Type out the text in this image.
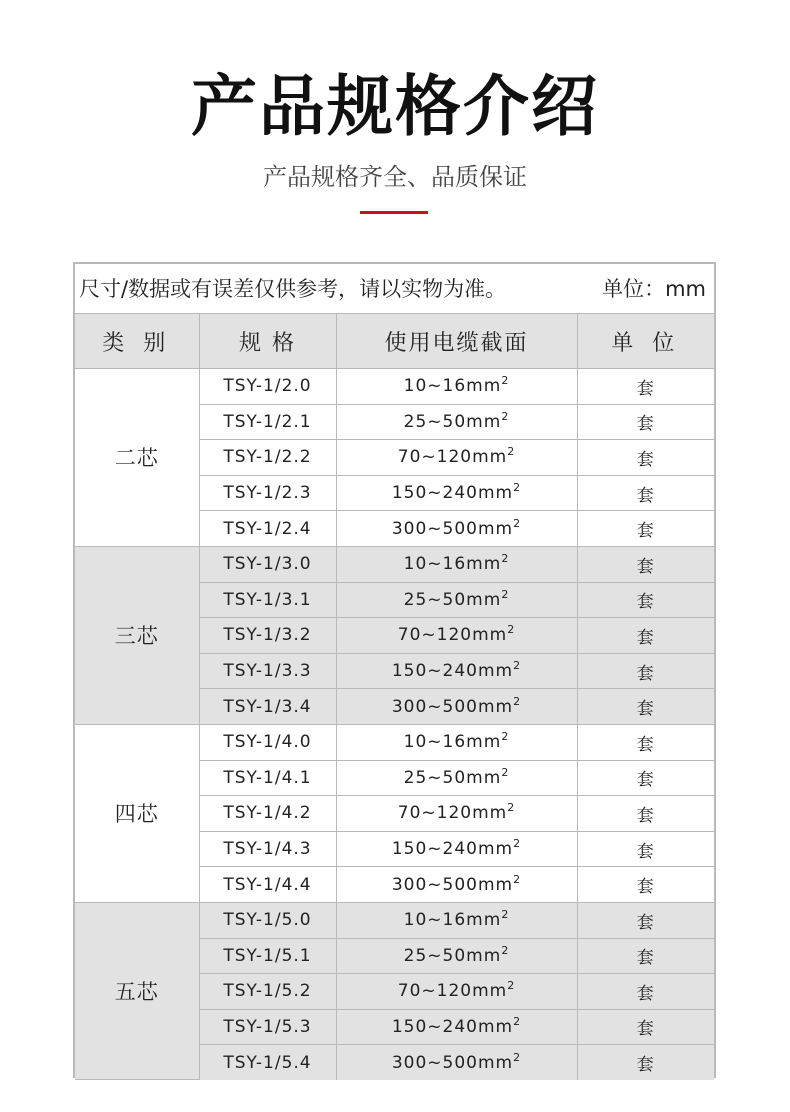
产品规格介绍
产品规格齐全、品质保证
尺寸/数据或有误差仅供参考，请以实物为准。	单位：mm
类 别	规 格	使用电缆截面	单 位
二芯	TSY-1/2.0	$10\sim 16mm^2$	套
	TSY-1/2.1	$25\sim 50mm^2$	套
	TSY-1/2.2	$70\sim 120mm^2$	套
	TSY-1/2.3	$150\sim 240mm^2$	套
	TSY-1/2.4	$300\sim 500mm^2$	套
三芯	TSY-1/3.0	$10\sim 16mm^2$	套
	TSY-1/3.1	$25\sim 50mm^2$	套
	TSY-1/3.2	$70\sim 120mm^2$	套
	TSY-1/3.3	$150\sim 240mm^2$	套
	TSY-1/3.4	$300\sim 500mm^2$	套
四芯	TSY-1/4.0	$10\sim 16mm^2$	套
	TSY-1/4.1	$25\sim 50mm^2$	套
	TSY-1/4.2	$70\sim 120mm^2$	套
	TSY-1/4.3	$150\sim 240mm^2$	套
	TSY-1/4.4	$300\sim 500mm^2$	套
五芯	TSY-1/5.0	$10\sim 16mm^2$	套
	TSY-1/5.1	$25\sim 50mm^2$	套
	TSY-1/5.2	$70\sim 120mm^2$	套
	TSY-1/5.3	$150\sim 240mm^2$	套
	TSY-1/5.4	$300\sim 500mm^2$	套
